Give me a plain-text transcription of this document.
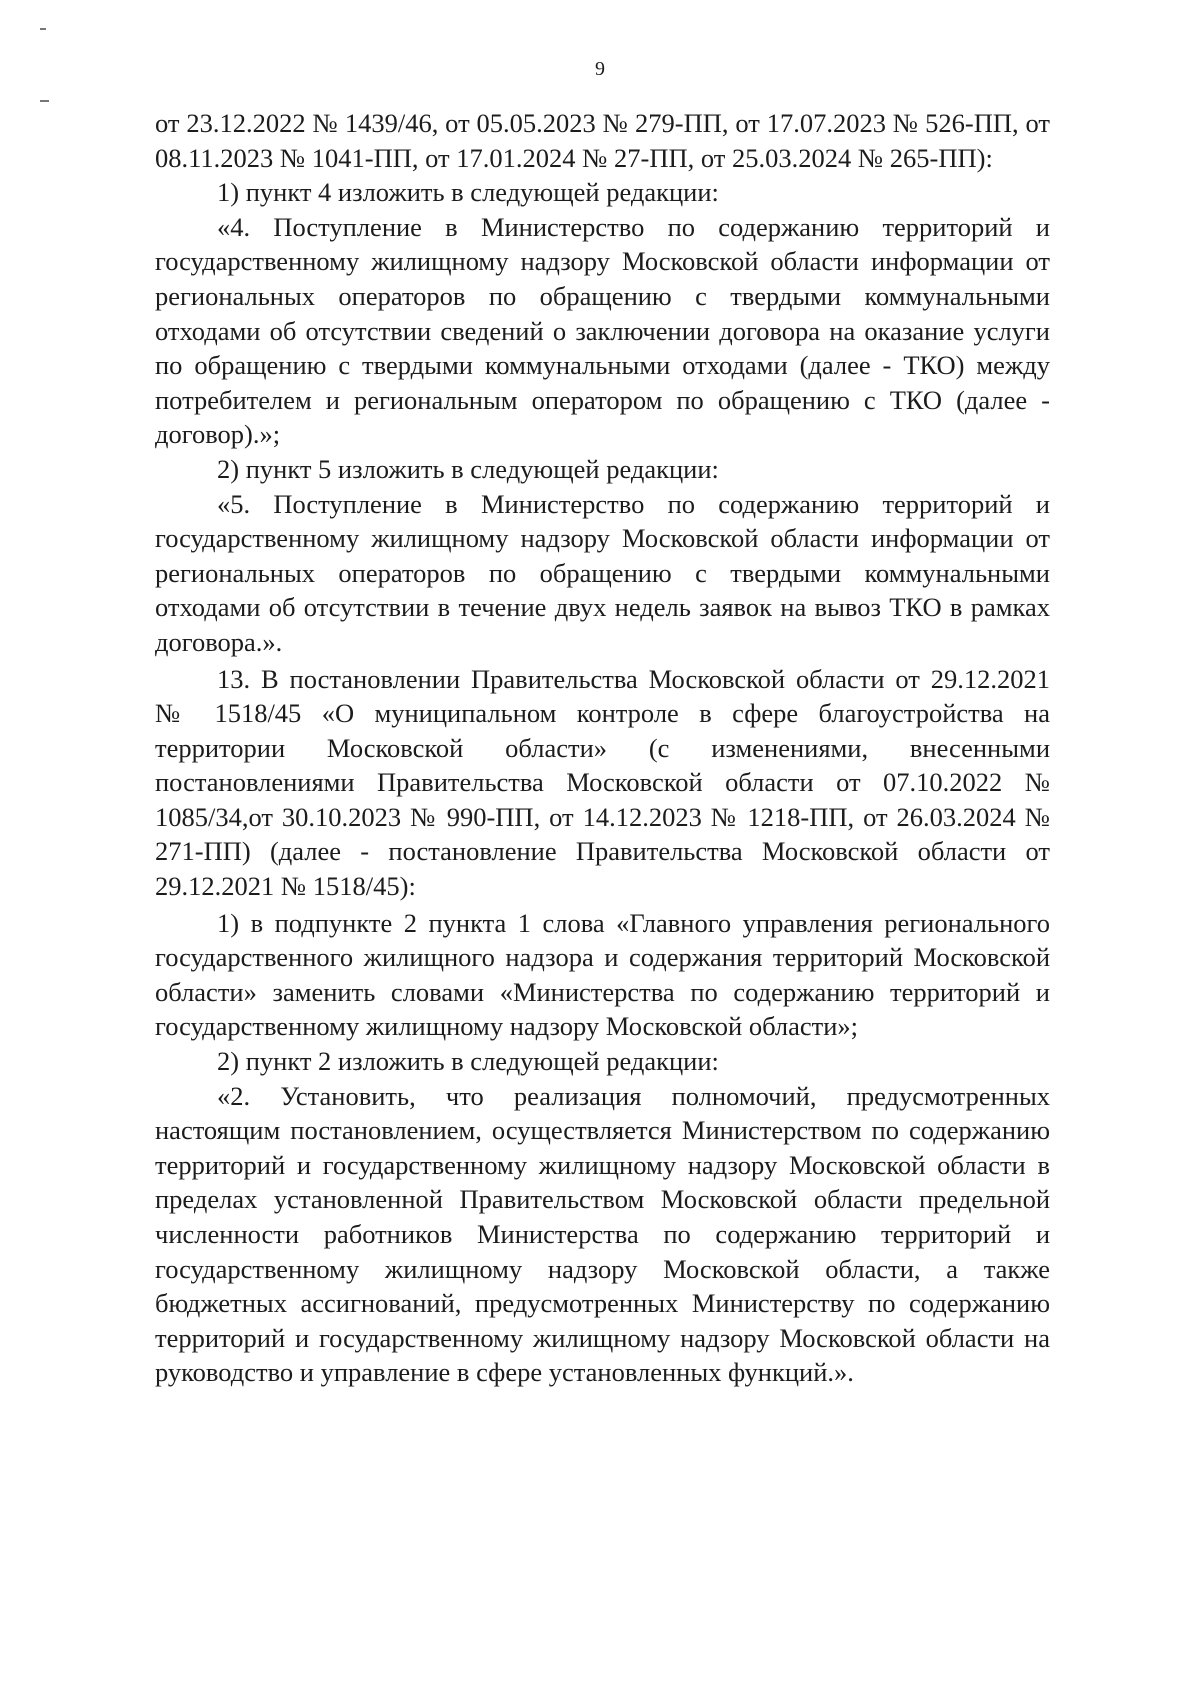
9

от 23.12.2022 № 1439/46, от 05.05.2023 № 279-ПП, от 17.07.2023 № 526-ПП, от 08.11.2023 № 1041-ПП, от 17.01.2024 № 27-ПП, от 25.03.2024 № 265-ПП):

1) пункт 4 изложить в следующей редакции:

«4. Поступление в Министерство по содержанию территорий и государственному жилищному надзору Московской области информации от региональных операторов по обращению с твердыми коммунальными отходами об отсутствии сведений о заключении договора на оказание услуги по обращению с твердыми коммунальными отходами (далее - ТКО) между потребителем и региональным оператором по обращению с ТКО (далее - договор).»;

2) пункт 5 изложить в следующей редакции:

«5. Поступление в Министерство по содержанию территорий и государственному жилищному надзору Московской области информации от региональных операторов по обращению с твердыми коммунальными отходами об отсутствии в течение двух недель заявок на вывоз ТКО в рамках договора.».

13. В постановлении Правительства Московской области от 29.12.2021 № 1518/45 «О муниципальном контроле в сфере благоустройства на территории Московской области» (с изменениями, внесенными постановлениями Правительства Московской области от 07.10.2022 № 1085/34,от 30.10.2023 № 990-ПП, от 14.12.2023 № 1218-ПП, от 26.03.2024 № 271-ПП) (далее - постановление Правительства Московской области от 29.12.2021 № 1518/45):

1) в подпункте 2 пункта 1 слова «Главного управления регионального государственного жилищного надзора и содержания территорий Московской области» заменить словами «Министерства по содержанию территорий и государственному жилищному надзору Московской области»;

2) пункт 2 изложить в следующей редакции:

«2. Установить, что реализация полномочий, предусмотренных настоящим постановлением, осуществляется Министерством по содержанию территорий и государственному жилищному надзору Московской области в пределах установленной Правительством Московской области предельной численности работников Министерства по содержанию территорий и государственному жилищному надзору Московской области, а также бюджетных ассигнований, предусмотренных Министерству по содержанию территорий и государственному жилищному надзору Московской области на руководство и управление в сфере установленных функций.».
